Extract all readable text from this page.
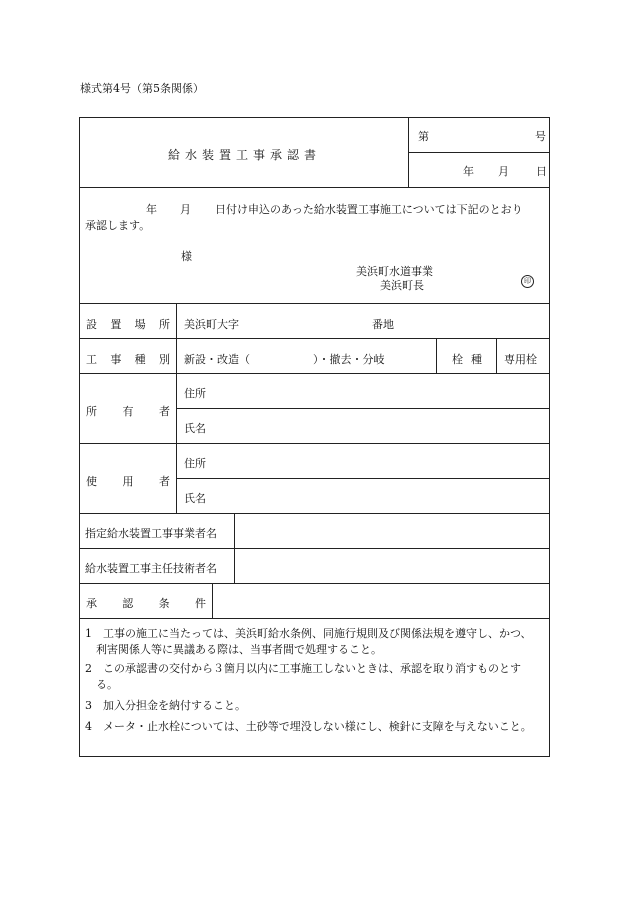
様式第4号（第5条関係）
給水装置工事承認書
第	号
年 月 日
年 月 日付け申込のあった給水装置工事施工については下記のとおり
承認します。
様
美浜町水道事業
美浜町長	印
設 置 場 所 美浜町大字	番地
工 事 種 別 新設・改造（	）・撤去・分岐	栓 種 専用栓
所 有 者
住所
氏名
使 用 者
住所
氏名
指定給水装置工事事業者名
給水装置工事主任技術者名
承 認 条 件
1　工事の施工に当たっては、美浜町給水条例、同施行規則及び関係法規を遵守し、かつ、
　利害関係人等に異議ある際は、当事者間で処理すること。
2　この承認書の交付から３箇月以内に工事施工しないときは、承認を取り消すものとす
　る。
3　加入分担金を納付すること。
4　メータ・止水栓については、土砂等で埋没しない様にし、検針に支障を与えないこと。
